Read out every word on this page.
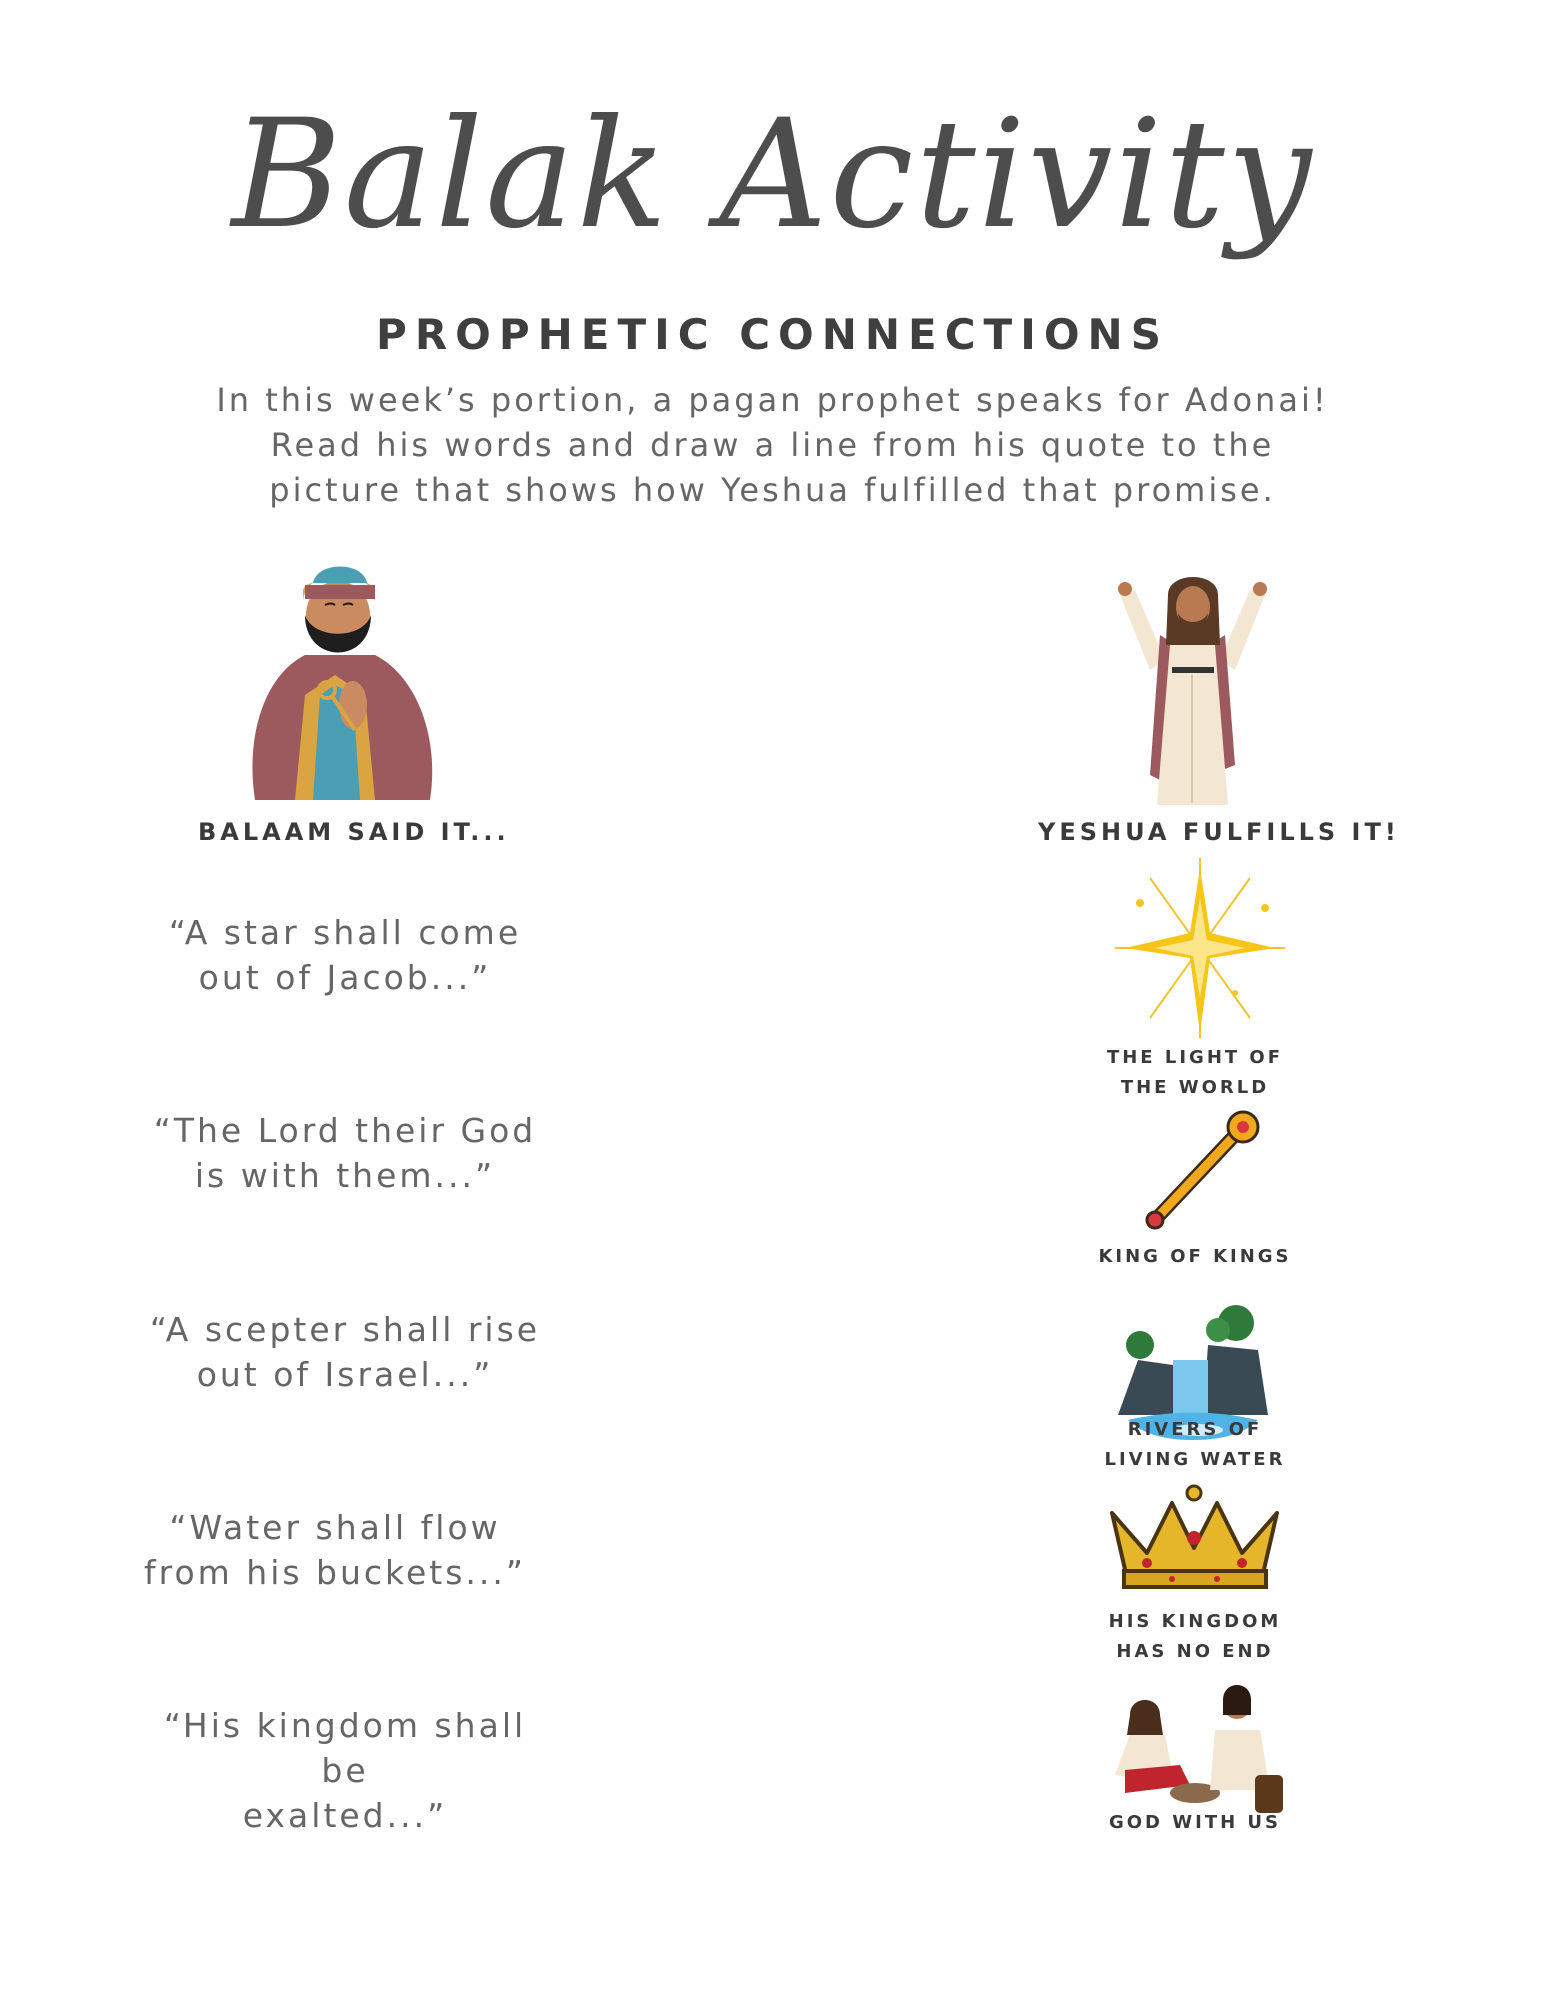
Balak Activity
PROPHETIC CONNECTIONS

In this week’s portion, a pagan prophet speaks for Adonai!

Read his words and draw a line from his quote to the

picture that shows how Yeshua fulfilled that promise.

BALAAM SAID IT...	YESHUA FULFILLS IT!

“A star shall come

out of Jacob...”

“The Lord their God

is with them...”

“A scepter shall rise

out of Israel...”

“Water shall flow

from his buckets...”

“His kingdom shall be

exalted...”

THE LIGHT OF

THE WORLD

KING OF KINGS

RIVERS OF

LIVING WATER

HIS KINGDOM

HAS NO END

GOD WITH US
